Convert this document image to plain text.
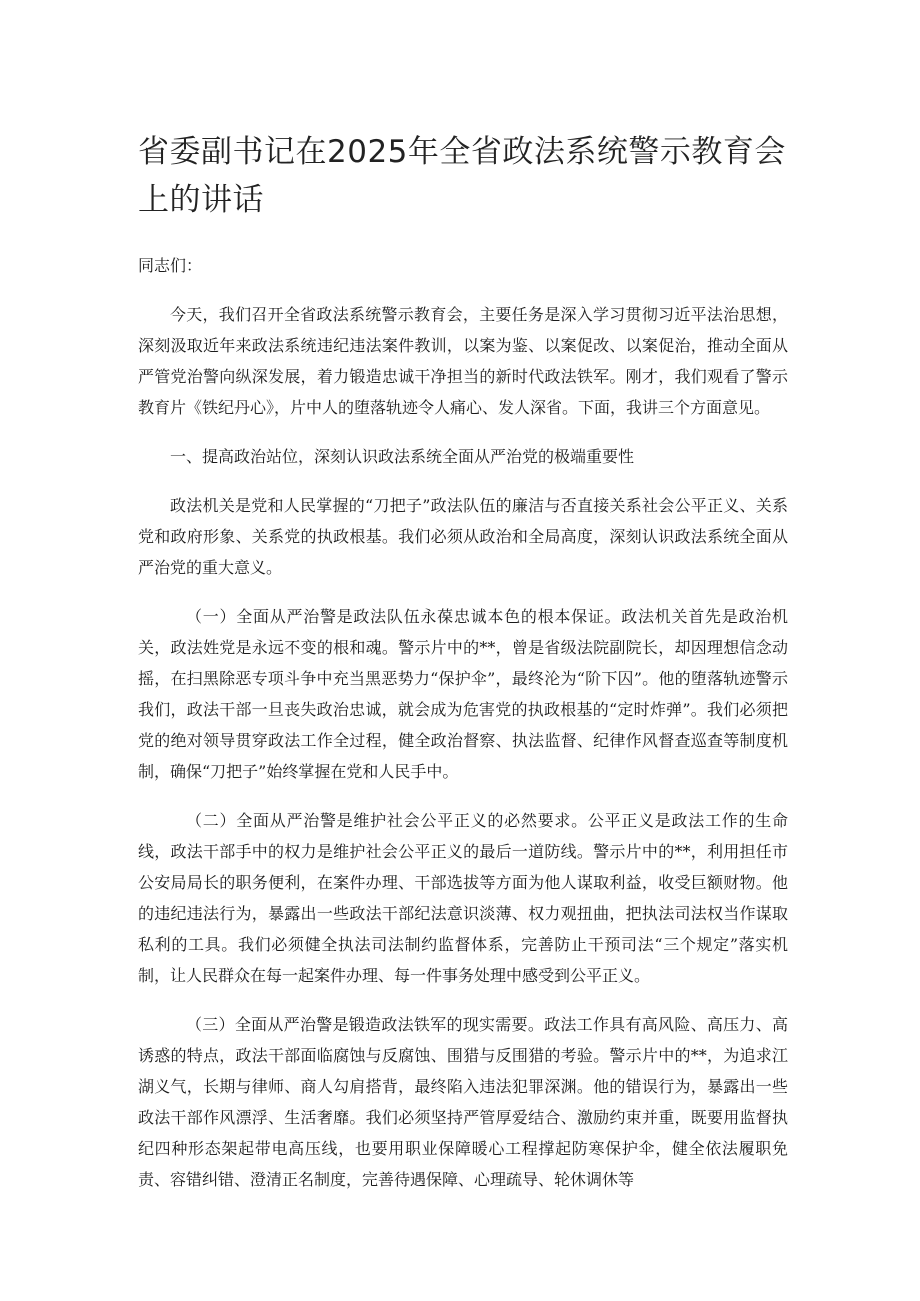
省委副书记在2025年全省政法系统警示教育会上的讲话

同志们：

今天，我们召开全省政法系统警示教育会，主要任务是深入学习贯彻习近平法治思想，深刻汲取近年来政法系统违纪违法案件教训，以案为鉴、以案促改、以案促治，推动全面从严管党治警向纵深发展，着力锻造忠诚干净担当的新时代政法铁军。刚才，我们观看了警示教育片《铁纪丹心》，片中人的堕落轨迹令人痛心、发人深省。下面，我讲三个方面意见。

一、提高政治站位，深刻认识政法系统全面从严治党的极端重要性

政法机关是党和人民掌握的“刀把子”政法队伍的廉洁与否直接关系社会公平正义、关系党和政府形象、关系党的执政根基。我们必须从政治和全局高度，深刻认识政法系统全面从严治党的重大意义。

（一）全面从严治警是政法队伍永葆忠诚本色的根本保证。政法机关首先是政治机关，政法姓党是永远不变的根和魂。警示片中的**，曾是省级法院副院长，却因理想信念动摇，在扫黑除恶专项斗争中充当黑恶势力“保护伞”，最终沦为“阶下囚”。他的堕落轨迹警示我们，政法干部一旦丧失政治忠诚，就会成为危害党的执政根基的“定时炸弹”。我们必须把党的绝对领导贯穿政法工作全过程，健全政治督察、执法监督、纪律作风督查巡查等制度机制，确保“刀把子”始终掌握在党和人民手中。

（二）全面从严治警是维护社会公平正义的必然要求。公平正义是政法工作的生命线，政法干部手中的权力是维护社会公平正义的最后一道防线。警示片中的**，利用担任市公安局局长的职务便利，在案件办理、干部选拔等方面为他人谋取利益，收受巨额财物。他的违纪违法行为，暴露出一些政法干部纪法意识淡薄、权力观扭曲，把执法司法权当作谋取私利的工具。我们必须健全执法司法制约监督体系，完善防止干预司法“三个规定”落实机制，让人民群众在每一起案件办理、每一件事务处理中感受到公平正义。

（三）全面从严治警是锻造政法铁军的现实需要。政法工作具有高风险、高压力、高诱惑的特点，政法干部面临腐蚀与反腐蚀、围猎与反围猎的考验。警示片中的**，为追求江湖义气，长期与律师、商人勾肩搭背，最终陷入违法犯罪深渊。他的错误行为，暴露出一些政法干部作风漂浮、生活奢靡。我们必须坚持严管厚爱结合、激励约束并重，既要用监督执纪四种形态架起带电高压线，也要用职业保障暖心工程撑起防寒保护伞，健全依法履职免责、容错纠错、澄清正名制度，完善待遇保障、心理疏导、轮休调休等
